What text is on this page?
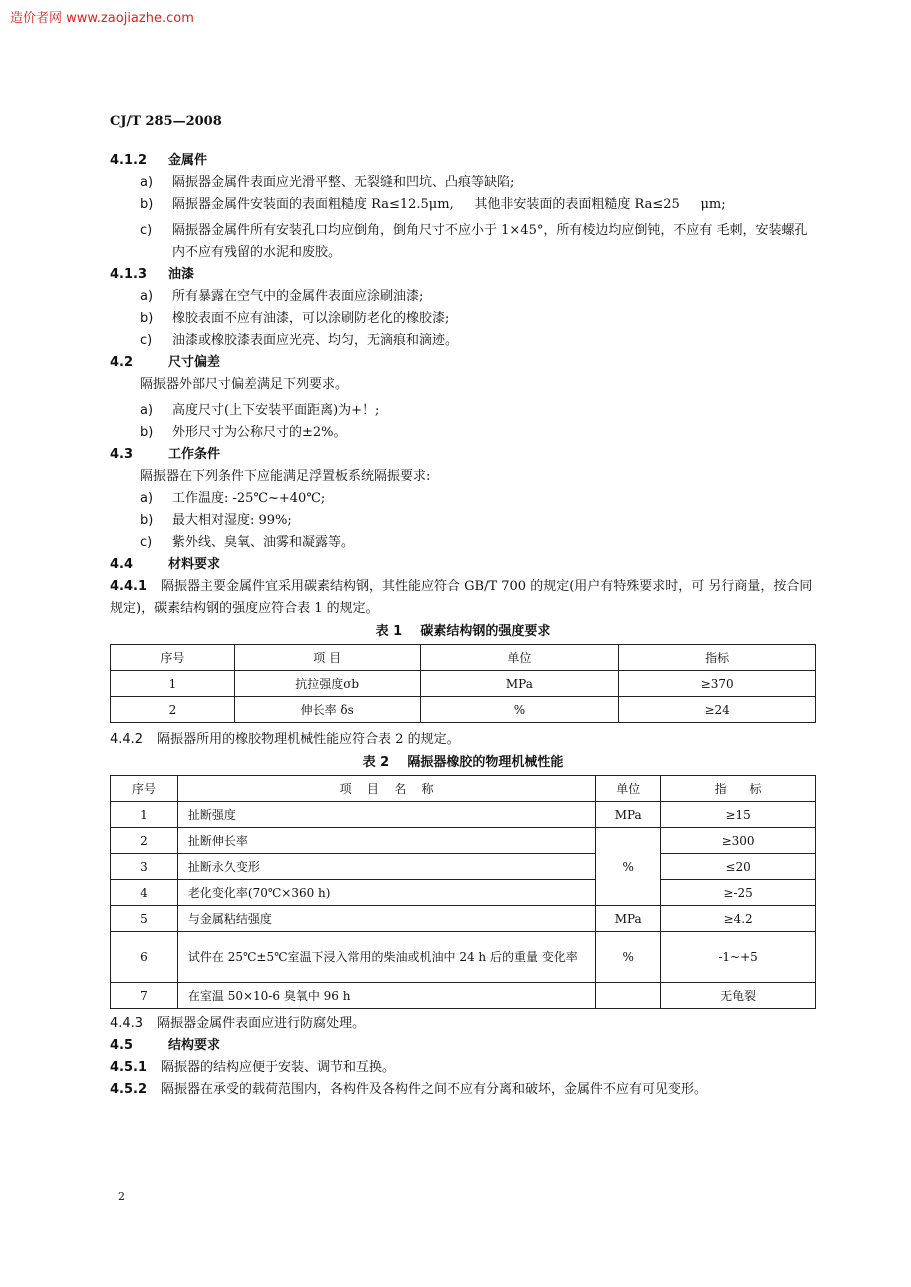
造价者网 www.zaojiazhe.com
CJ/T 285—2008

4.1.2 金属件

a)	隔振器金属件表面应光滑平整、无裂缝和凹坑、凸痕等缺陷;
b)	隔振器金属件安装面的表面粗糙度 Ra≤12.5μm,     其他非安装面的表面粗糙度 Ra≤25     μm;
c)	隔振器金属件所有安装孔口均应倒角，倒角尺寸不应小于 1×45°，所有棱边均应倒钝，不应有 毛刺，安装螺孔内不应有残留的水泥和废胶。

4.1.3 油漆

a)	所有暴露在空气中的金属件表面应涂刷油漆;
b)	橡胶表面不应有油漆，可以涂刷防老化的橡胶漆;
c)	油漆或橡胶漆表面应光亮、均匀，无滴痕和滴迹。

4.2	尺寸偏差

隔振器外部尺寸偏差满足下列要求。

a)	高度尺寸(上下安装平面距离)为+！;
b)	外形尺寸为公称尺寸的±2%。

4.3	工作条件

隔振器在下列条件下应能满足浮置板系统隔振要求:

a)	工作温度: -25℃~+40℃;
b)	最大相对湿度: 99%;
c)	紫外线、臭氧、油雾和凝露等。

4.4	材料要求

4.4.1 隔振器主要金属件宜采用碳素结构钢，其性能应符合 GB/T 700 的规定(用户有特殊要求时，可 另行商量，按合同规定)，碳素结构钢的强度应符合表 1 的规定。

表 1    碳素结构钢的强度要求
序号	项 目	单位	指标
1	抗拉强度σb	MPa	≥370
2	伸长率 δs	%	≥24

4.4.2 隔振器所用的橡胶物理机械性能应符合表 2 的规定。

表 2    隔振器橡胶的物理机械性能
序号	项    目    名    称	单位	指      标
1	扯断强度	MPa	≥15
2	扯断伸长率	%	≥300
3	扯断永久变形		≤20
4	老化变化率(70℃×360 h)		≥-25
5	与金属粘结强度	MPa	≥4.2
6	试件在 25℃±5℃室温下浸入常用的柴油或机油中 24 h 后的重量 变化率	%	-1~+5
7	在室温 50×10-6 臭氧中 96 h		无龟裂

4.4.3 隔振器金属件表面应进行防腐处理。

4.5	结构要求

4.5.1 隔振器的结构应便于安装、调节和互换。

4.5.2 隔振器在承受的载荷范围内，各构件及各构件之间不应有分离和破坏，金属件不应有可见变形。

2
